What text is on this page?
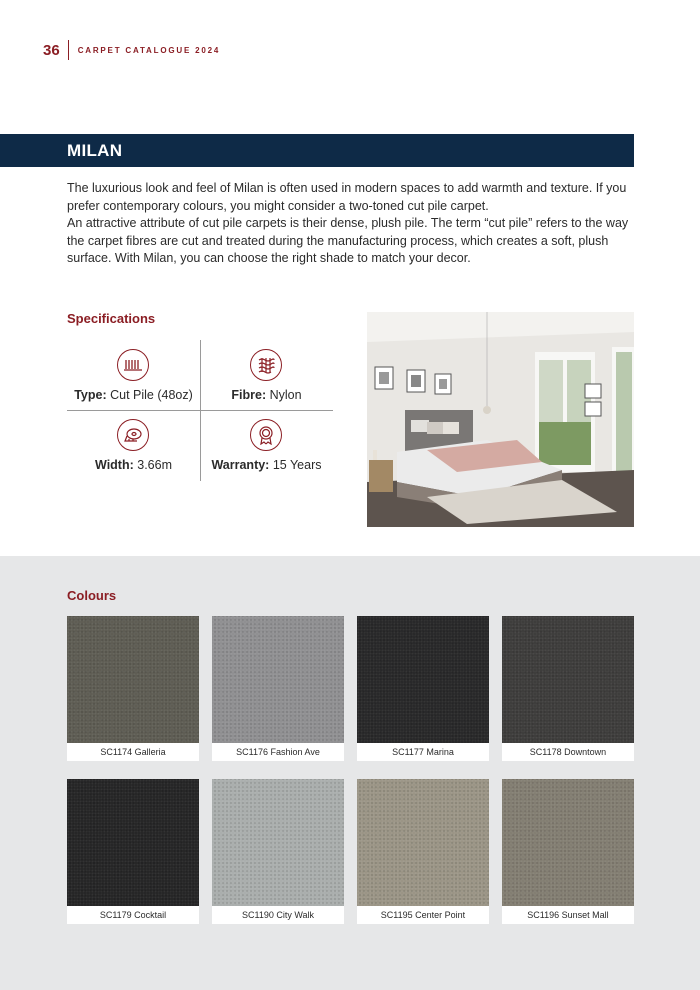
36 CARPET CATALOGUE 2024
MILAN

The luxurious look and feel of Milan is often used in modern spaces to add warmth and texture. If you prefer contemporary colours, you might consider a two-toned cut pile carpet.

An attractive attribute of cut pile carpets is their dense, plush pile. The term “cut pile” refers to the way the carpet fibres are cut and treated during the manufacturing process, which creates a soft, plush surface. With Milan, you can choose the right shade to match your decor.

Specifications
Type: Cut Pile (48oz)	Fibre: Nylon
Width: 3.66m	Warranty: 15 Years
Colours
SC1174 Galleria	SC1176 Fashion Ave	SC1177 Marina	SC1178 Downtown
SC1179 Cocktail	SC1190 City Walk	SC1195 Center Point	SC1196 Sunset Mall
